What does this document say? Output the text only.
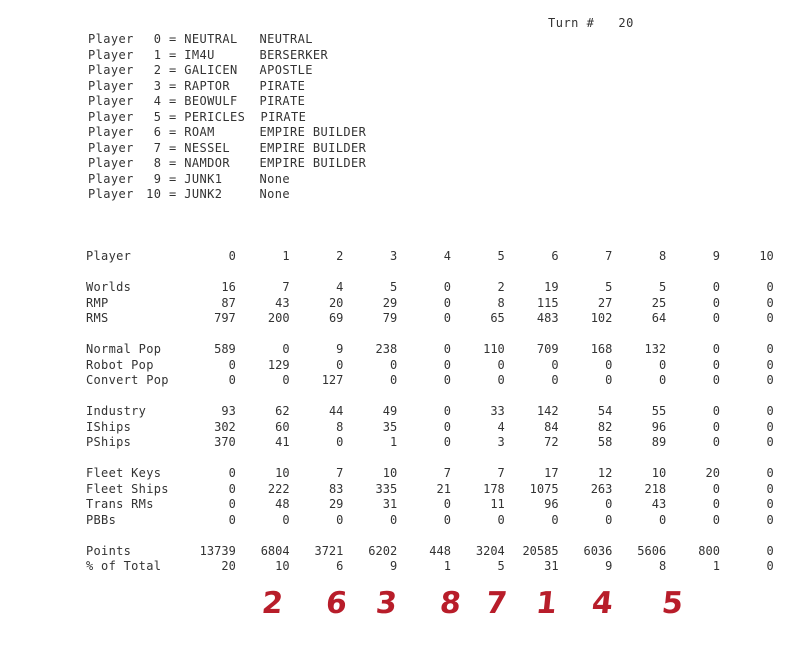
Turn # 20
Player 0 = NEUTRAL NEUTRAL
Player 1 = IM4U	BERSERKER
Player 2 = GALICEN APOSTLE
Player 3 = RAPTOR PIRATE
Player 4 = BEOWULF PIRATE
Player 5 = PERICLES PIRATE
Player 6 = ROAM	EMPIRE BUILDER
Player 7 = NESSEL EMPIRE BUILDER
Player 8 = NAMDOR EMPIRE BUILDER
Player 9 = JUNK1	None
Player 10 = JUNK2	None
Player	0	1	2	3	4	5	6	7	8	9	10

Worlds	16	7	4	5	0	2	19	5	5	0	0
RMP	87	43	20	29	0	8	115	27	25	0	0
RMS	797	200	69	79	0	65	483	102	64	0	0

Normal Pop	589	0	9	238	0	110	709	168	132	0	0
Robot Pop	0	129	0	0	0	0	0	0	0	0	0
Convert Pop	0	0	127	0	0	0	0	0	0	0	0

Industry	93	62	44	49	0	33	142	54	55	0	0
IShips	302	60	8	35	0	4	84	82	96	0	0
PShips	370	41	0	1	0	3	72	58	89	0	0

Fleet Keys	0	10	7	10	7	7	17	12	10	20	0
Fleet Ships	0	222	83	335	21	178	1075	263	218	0	0
Trans RMs	0	48	29	31	0	11	96	0	43	0	0
PBBs	0	0	0	0	0	0	0	0	0	0	0

Points	13739	6804	3721	6202	448	3204	20585	6036	5606	800	0
% of Total	20	10	6	9	1	5	31	9	8	1	0
2 6 3 8 7 1 4 5
